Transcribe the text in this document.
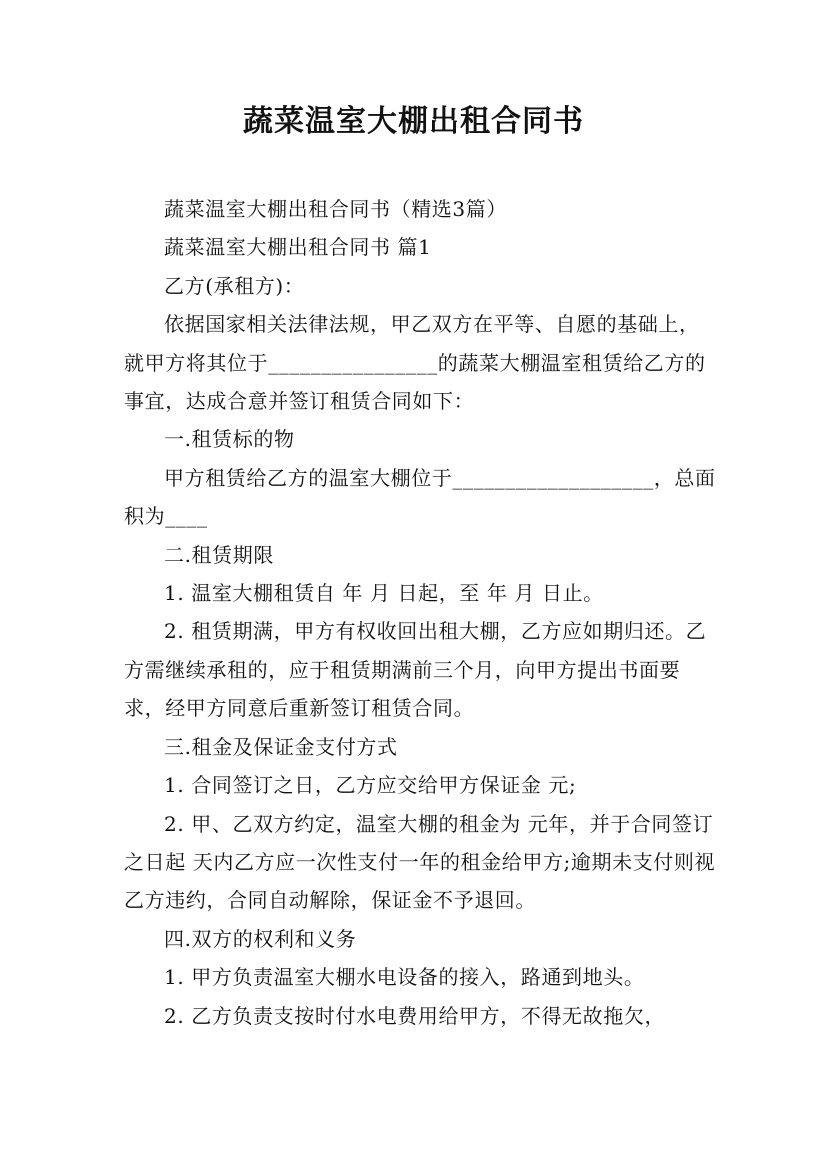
蔬菜温室大棚出租合同书

蔬菜温室大棚出租合同书（精选3篇）

蔬菜温室大棚出租合同书 篇1

乙方(承租方)：

依据国家相关法律法规，甲乙双方在平等、自愿的基础上，就甲方将其位于________________的蔬菜大棚温室租赁给乙方的事宜，达成合意并签订租赁合同如下：

一.租赁标的物

甲方租赁给乙方的温室大棚位于___________________，总面积为____

二.租赁期限

1. 温室大棚租赁自 年 月 日起，至 年 月 日止。

2. 租赁期满，甲方有权收回出租大棚，乙方应如期归还。乙方需继续承租的，应于租赁期满前三个月，向甲方提出书面要求，经甲方同意后重新签订租赁合同。

三.租金及保证金支付方式

1. 合同签订之日，乙方应交给甲方保证金 元;

2. 甲、乙双方约定，温室大棚的租金为 元年，并于合同签订之日起 天内乙方应一次性支付一年的租金给甲方;逾期未支付则视乙方违约，合同自动解除，保证金不予退回。

四.双方的权利和义务

1. 甲方负责温室大棚水电设备的接入，路通到地头。

2. 乙方负责支按时付水电费用给甲方，不得无故拖欠，
